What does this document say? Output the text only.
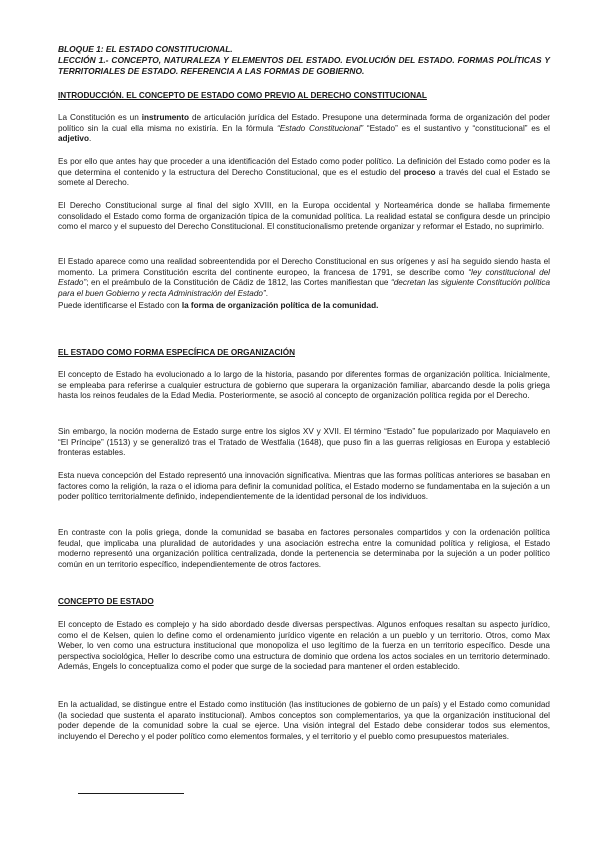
BLOQUE 1: EL ESTADO CONSTITUCIONAL.
LECCIÓN 1.- CONCEPTO, NATURALEZA Y ELEMENTOS DEL ESTADO. EVOLUCIÓN DEL ESTADO. FORMAS POLÍTICAS Y TERRITORIALES DE ESTADO. REFERENCIA A LAS FORMAS DE GOBIERNO.
INTRODUCCIÓN. EL CONCEPTO DE ESTADO COMO PREVIO AL DERECHO CONSTITUCIONAL
La Constitución es un instrumento de articulación jurídica del Estado. Presupone una determinada forma de organización del poder político sin la cual ella misma no existiría. En la fórmula “Estado Constitucional” “Estado” es el sustantivo y “constitucional” es el adjetivo.
Es por ello que antes hay que proceder a una identificación del Estado como poder político. La definición del Estado como poder es la que determina el contenido y la estructura del Derecho Constitucional, que es el estudio del proceso a través del cual el Estado se somete al Derecho.
El Derecho Constitucional surge al final del siglo XVIII, en la Europa occidental y Norteamérica donde se hallaba firmemente consolidado el Estado como forma de organización típica de la comunidad política. La realidad estatal se configura desde un principio como el marco y el supuesto del Derecho Constitucional. El constitucionalismo pretende organizar y reformar el Estado, no suprimirlo.
El Estado aparece como una realidad sobreentendida por el Derecho Constitucional en sus orígenes y así ha seguido siendo hasta el momento. La primera Constitución escrita del continente europeo, la francesa de 1791, se describe como “ley constitucional del Estado”; en el preámbulo de la Constitución de Cádiz de 1812, las Cortes manifiestan que “decretan las siguiente Constitución política para el buen Gobierno y recta Administración del Estado”.
Puede identificarse el Estado con la forma de organización política de la comunidad.
EL ESTADO COMO FORMA ESPECÍFICA DE ORGANIZACIÓN
El concepto de Estado ha evolucionado a lo largo de la historia, pasando por diferentes formas de organización política. Inicialmente, se empleaba para referirse a cualquier estructura de gobierno que superara la organización familiar, abarcando desde la polis griega hasta los reinos feudales de la Edad Media. Posteriormente, se asoció al concepto de organización política regida por el Derecho.
Sin embargo, la noción moderna de Estado surge entre los siglos XV y XVII. El término “Estado” fue popularizado por Maquiavelo en “El Príncipe” (1513) y se generalizó tras el Tratado de Westfalia (1648), que puso fin a las guerras religiosas en Europa y estableció fronteras estables.
Esta nueva concepción del Estado representó una innovación significativa. Mientras que las formas políticas anteriores se basaban en factores como la religión, la raza o el idioma para definir la comunidad política, el Estado moderno se fundamentaba en la sujeción a un poder político territorialmente definido, independientemente de la identidad personal de los individuos.
En contraste con la polis griega, donde la comunidad se basaba en factores personales compartidos y con la ordenación política feudal, que implicaba una pluralidad de autoridades y una asociación estrecha entre la comunidad política y religiosa, el Estado moderno representó una organización política centralizada, donde la pertenencia se determinaba por la sujeción a un poder político común en un territorio específico, independientemente de otros factores.
CONCEPTO DE ESTADO
El concepto de Estado es complejo y ha sido abordado desde diversas perspectivas. Algunos enfoques resaltan su aspecto jurídico, como el de Kelsen, quien lo define como el ordenamiento jurídico vigente en relación a un pueblo y un territorio. Otros, como Max Weber, lo ven como una estructura institucional que monopoliza el uso legítimo de la fuerza en un territorio específico. Desde una perspectiva sociológica, Heller lo describe como una estructura de dominio que ordena los actos sociales en un territorio determinado. Además, Engels lo conceptualiza como el poder que surge de la sociedad para mantener el orden establecido.
En la actualidad, se distingue entre el Estado como institución (las instituciones de gobierno de un país) y el Estado como comunidad (la sociedad que sustenta el aparato institucional). Ambos conceptos son complementarios, ya que la organización institucional del poder depende de la comunidad sobre la cual se ejerce. Una visión integral del Estado debe considerar todos sus elementos, incluyendo el Derecho y el poder político como elementos formales, y el territorio y el pueblo como presupuestos materiales.
